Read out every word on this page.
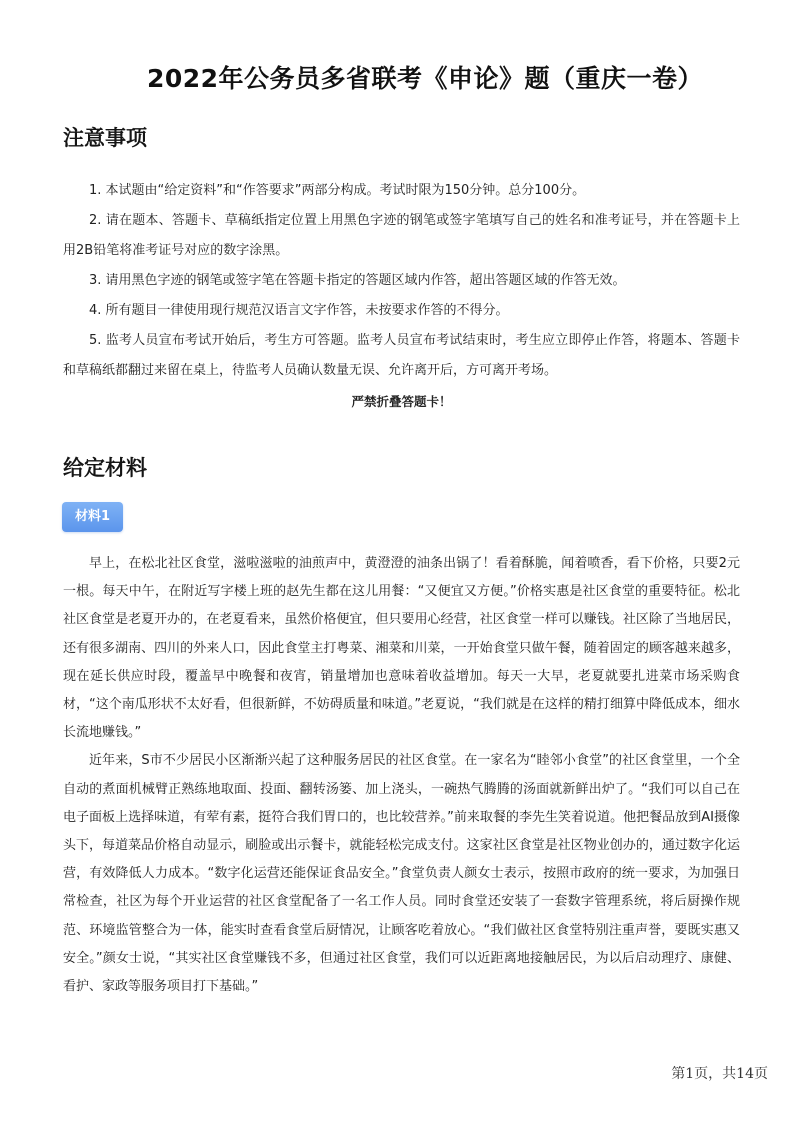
2022年公务员多省联考《申论》题（重庆一卷）
注意事项
1. 本试题由“给定资料”和“作答要求”两部分构成。考试时限为150分钟。总分100分。
2. 请在题本、答题卡、草稿纸指定位置上用黑色字迹的钢笔或签字笔填写自己的姓名和准考证号，并在答题卡上用2B铅笔将准考证号对应的数字涂黑。
3. 请用黑色字迹的钢笔或签字笔在答题卡指定的答题区域内作答，超出答题区域的作答无效。
4. 所有题目一律使用现行规范汉语言文字作答，未按要求作答的不得分。
5. 监考人员宣布考试开始后，考生方可答题。监考人员宣布考试结束时，考生应立即停止作答，将题本、答题卡和草稿纸都翻过来留在桌上，待监考人员确认数量无误、允许离开后，方可离开考场。
严禁折叠答题卡！
给定材料
材料1

早上，在松北社区食堂，滋啦滋啦的油煎声中，黄澄澄的油条出锅了！看着酥脆，闻着喷香，看下价格，只要2元一根。每天中午，在附近写字楼上班的赵先生都在这儿用餐：“又便宜又方便。”价格实惠是社区食堂的重要特征。松北社区食堂是老夏开办的，在老夏看来，虽然价格便宜，但只要用心经营，社区食堂一样可以赚钱。社区除了当地居民，还有很多湖南、四川的外来人口，因此食堂主打粤菜、湘菜和川菜，一开始食堂只做午餐，随着固定的顾客越来越多，现在延长供应时段，覆盖早中晚餐和夜宵，销量增加也意味着收益增加。每天一大早，老夏就要扎进菜市场采购食材，“这个南瓜形状不太好看，但很新鲜，不妨碍质量和味道。”老夏说，“我们就是在这样的精打细算中降低成本，细水长流地赚钱。”

近年来，S市不少居民小区渐渐兴起了这种服务居民的社区食堂。在一家名为“睦邻小食堂”的社区食堂里，一个全自动的煮面机械臂正熟练地取面、投面、翻转汤篓、加上浇头，一碗热气腾腾的汤面就新鲜出炉了。“我们可以自己在电子面板上选择味道，有荤有素，挺符合我们胃口的，也比较营养。”前来取餐的李先生笑着说道。他把餐品放到AI摄像头下，每道菜品价格自动显示，刷脸或出示餐卡，就能轻松完成支付。这家社区食堂是社区物业创办的，通过数字化运营，有效降低人力成本。“数字化运营还能保证食品安全。”食堂负责人颜女士表示，按照市政府的统一要求，为加强日常检查，社区为每个开业运营的社区食堂配备了一名工作人员。同时食堂还安装了一套数字管理系统，将后厨操作规范、环境监管整合为一体，能实时查看食堂后厨情况，让顾客吃着放心。“我们做社区食堂特别注重声誉，要既实惠又安全。”颜女士说，“其实社区食堂赚钱不多，但通过社区食堂，我们可以近距离地接触居民，为以后启动理疗、康健、看护、家政等服务项目打下基础。”

第1页，共14页
